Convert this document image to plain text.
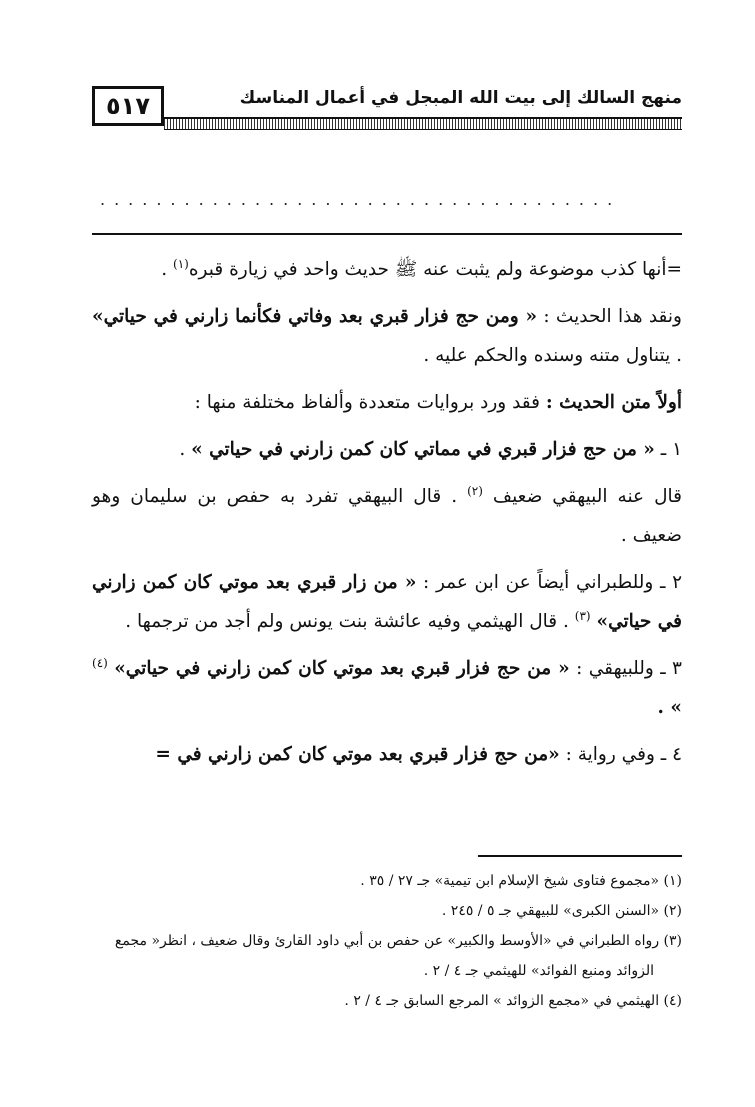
٥١٧	منهج السالك إلى بيت الله المبجل في أعمال المناسك
.....................................

=أنها كذب موضوعة ولم يثبت عنه ﷺ حديث واحد في زيارة قبره$^{(١)}$ .

ونقد هذا الحديث : « ومن حج فزار قبري بعد وفاتي فكأنما زارني في حياتي» . يتناول متنه وسنده والحكم عليه .

أولاً متن الحديث : فقد ورد بروايات متعددة وألفاظ مختلفة منها :

١ ـ « من حج فزار قبري في مماتي كان كمن زارني في حياتي » .

قال عنه البيهقي ضعيف $^{(٢)}$ . قال البيهقي تفرد به حفص بن سليمان وهو ضعيف .

٢ ـ وللطبراني أيضاً عن ابن عمر : « من زار قبري بعد موتي كان كمن زارني في حياتي» $^{(٣)}$ . قال الهيثمي وفيه عائشة بنت يونس ولم أجد من ترجمها .

٣ ـ وللبيهقي : « من حج فزار قبري بعد موتي كان كمن زارني في حياتي» $^{(٤)}$ » .

٤ ـ وفي رواية : «من حج فزار قبري بعد موتي كان كمن زارني في =

(١) «مجموع فتاوى شيخ الإسلام ابن تيمية» جـ ٢٧ / ٣٥ .
(٢) «السنن الكبرى» للبيهقي جـ ٥ / ٢٤٥ .
(٣) رواه الطبراني في «الأوسط والكبير» عن حفص بن أبي داود القارئ وقال ضعيف ، انظر« مجمع
الزوائد ومنبع الفوائد» للهيثمي جـ ٤ / ٢ .
(٤) الهيثمي في «مجمع الزوائد » المرجع السابق جـ ٤ / ٢ .
